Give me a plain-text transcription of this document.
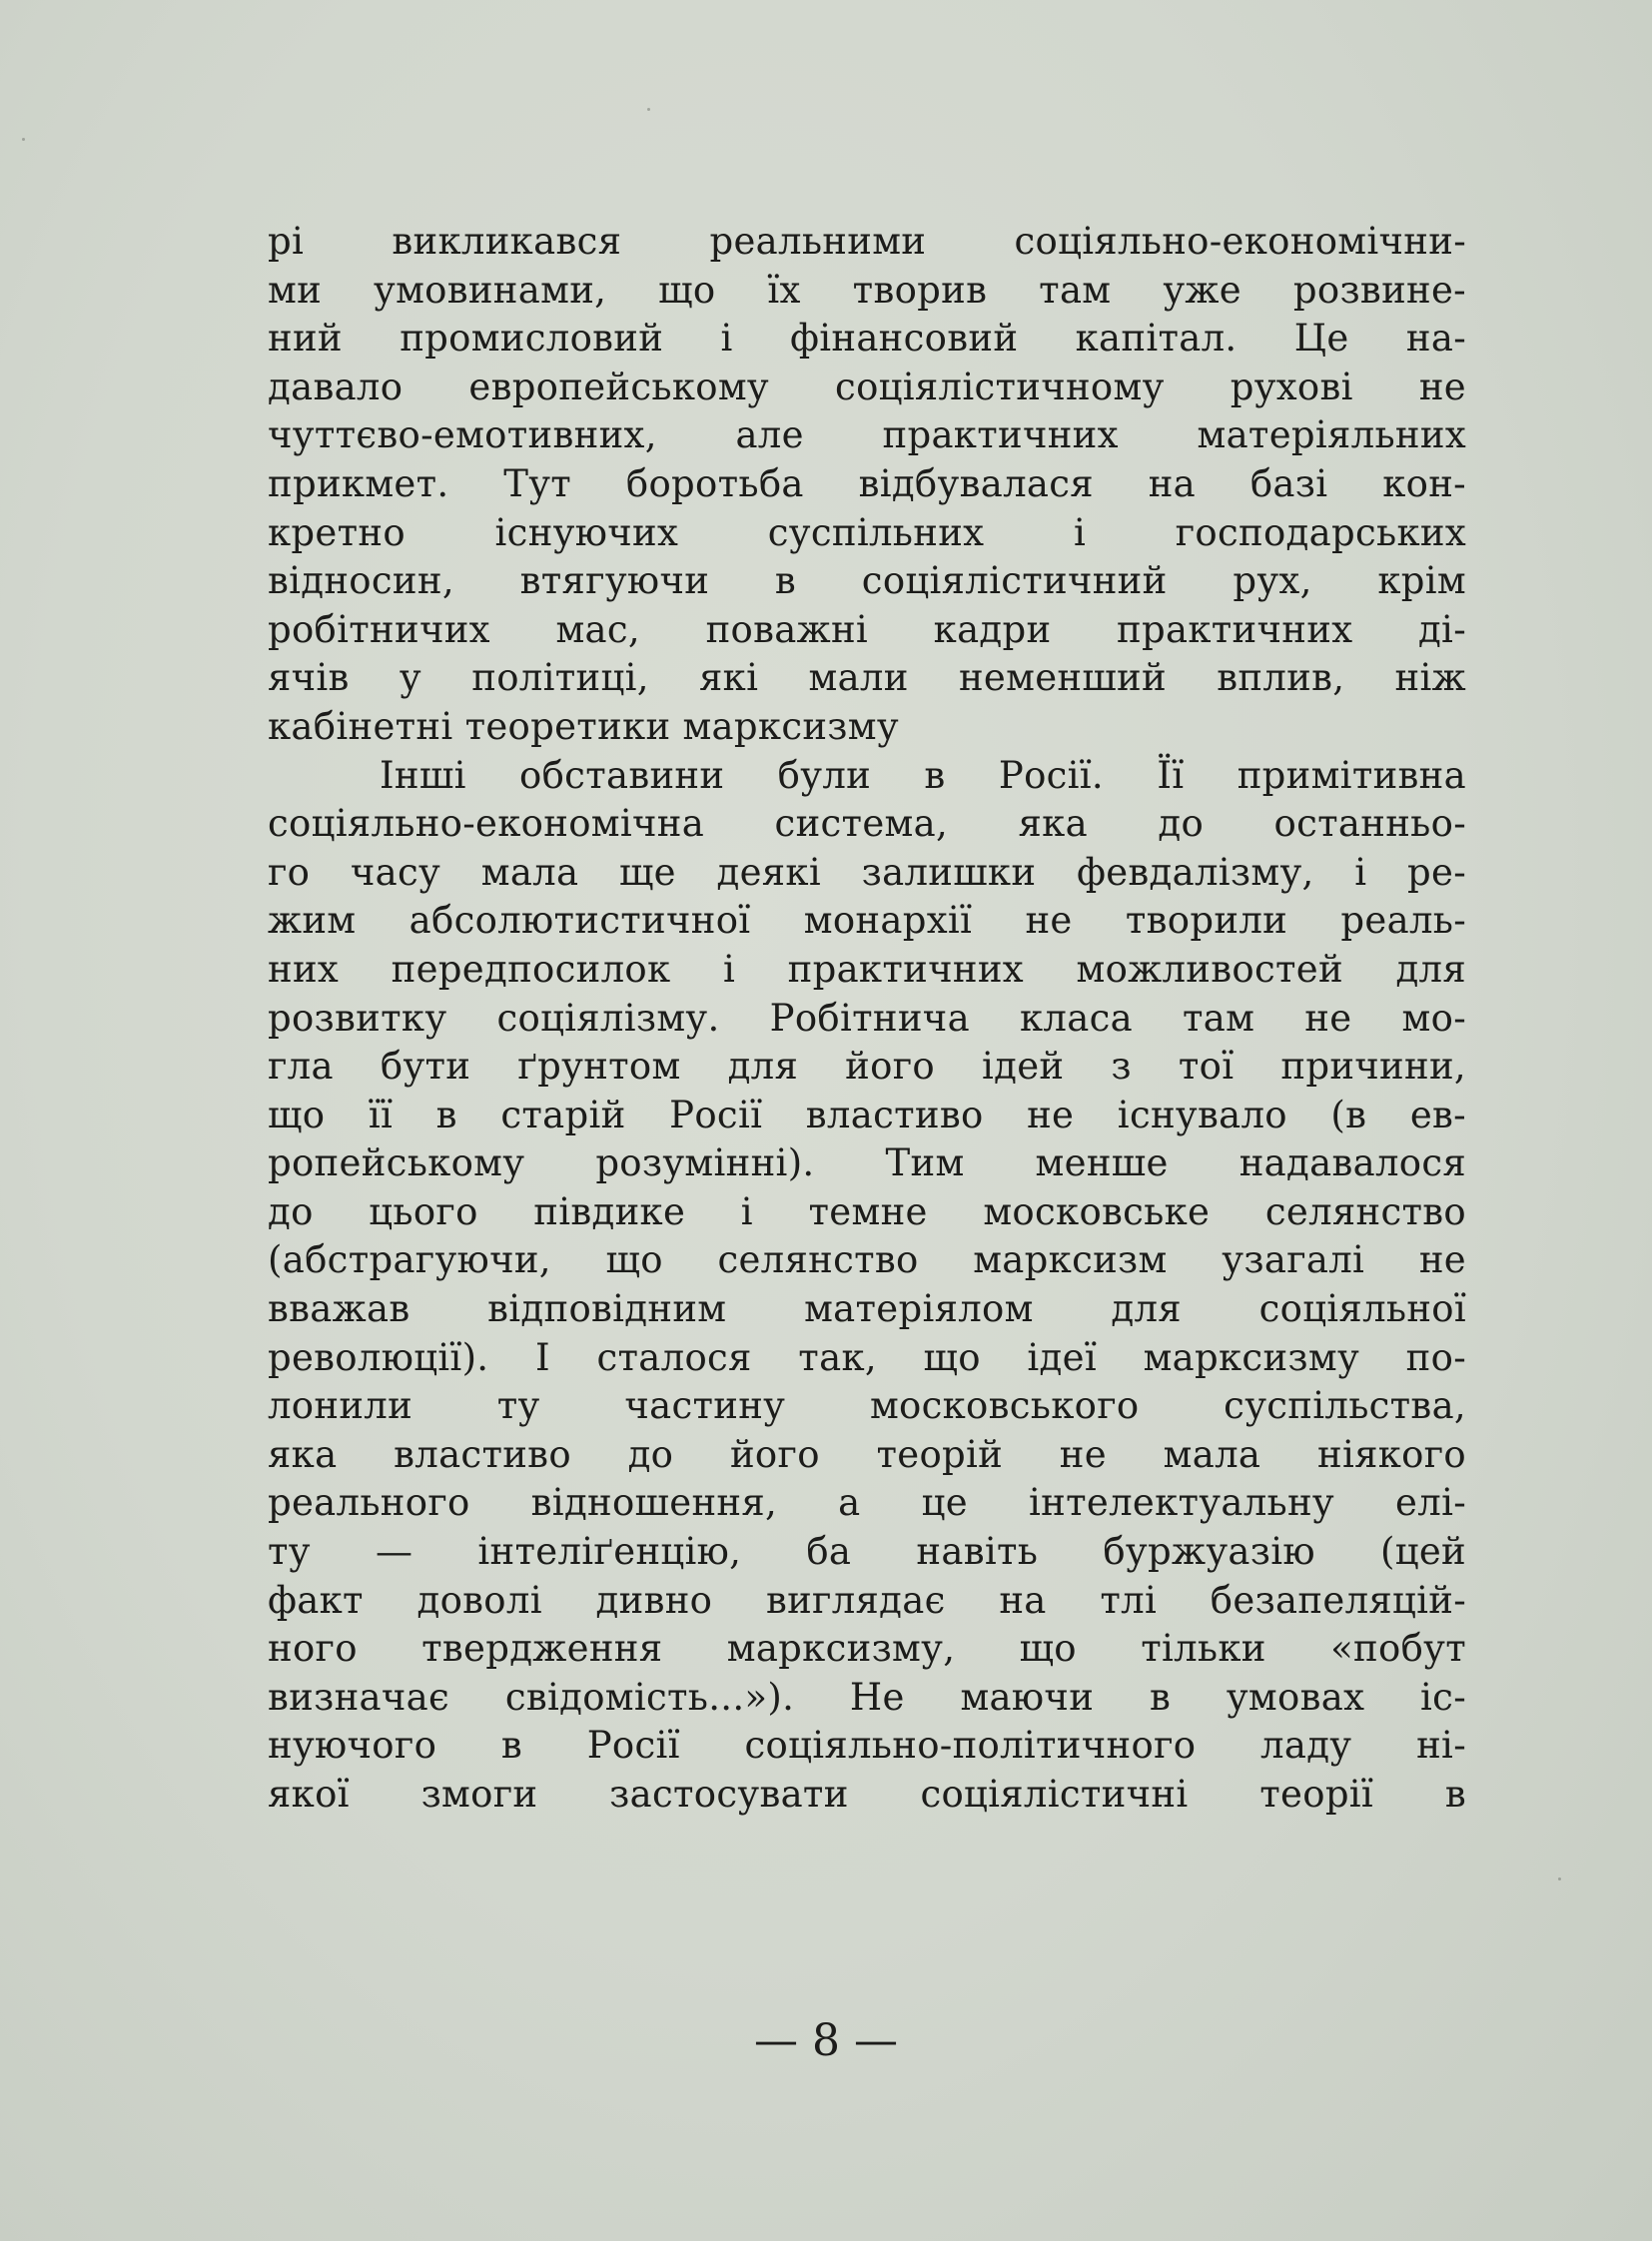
рі викликався реальними соціяльно-економічни-
ми умовинами, що їх творив там уже розвине-
ний промисловий і фінансовий капітал. Це на-
давало европейському соціялістичному рухові не
чуттєво-емотивних, але практичних матеріяльних
прикмет. Тут боротьба відбувалася на базі кон-
кретно існуючих суспільних і господарських
відносин, втягуючи в соціялістичний рух, крім
робітничих мас, поважні кадри практичних ді-
ячів у політиці, які мали неменший вплив, ніж
кабінетні теоретики марксизму
Інші обставини були в Росії. Її примітивна
соціяльно-економічна система, яка до останньо-
го часу мала ще деякі залишки февдалізму, і ре-
жим абсолютистичної монархії не творили реаль-
них передпосилок і практичних можливостей для
розвитку соціялізму. Робітнича класа там не мо-
гла бути ґрунтом для його ідей з тої причини,
що її в старій Росії властиво не існувало (в ев-
ропейському розумінні). Тим менше надавалося
до цього півдике і темне московське селянство
(абстрагуючи, що селянство марксизм узагалі не
вважав відповідним матеріялом для соціяльної
революції). І сталося так, що ідеї марксизму по-
лонили ту частину московського суспільства,
яка властиво до його теорій не мала ніякого
реального відношення, а це інтелектуальну елі-
ту — інтеліґенцію, ба навіть буржуазію (цей
факт доволі дивно виглядає на тлі безапеляцій-
ного твердження марксизму, що тільки «побут
визначає свідомість...»). Не маючи в умовах іс-
нуючого в Росії соціяльно-політичного ладу ні-
якої змоги застосувати соціялістичні теорії в
— 8 —
